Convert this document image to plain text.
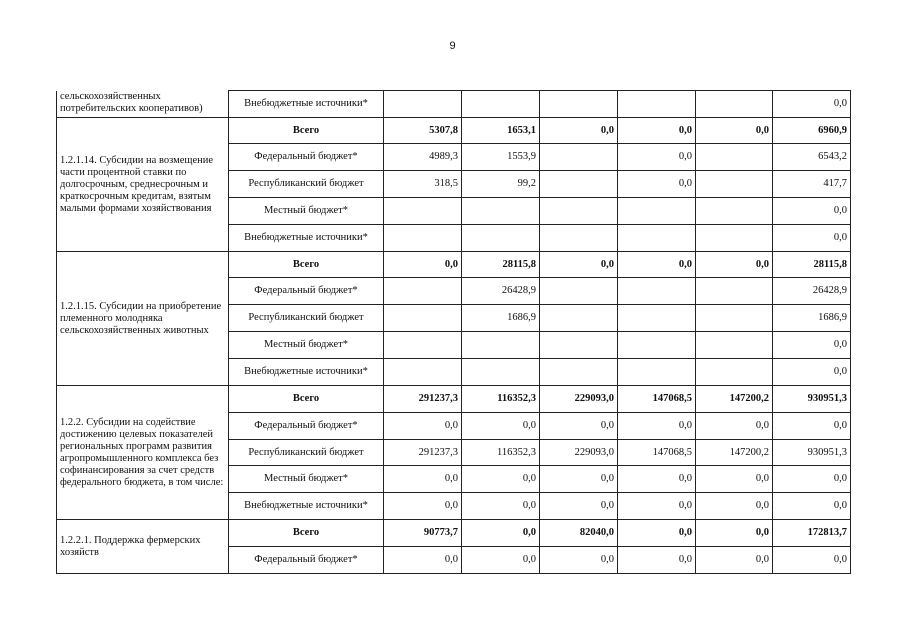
9
сельскохозяйственных потребительских кооперативов)	Внебюджетные источники*						0,0
1.2.1.14. Субсидии на возмещение части процентной ставки по долгосрочным, среднесрочным и краткосрочным кредитам, взятым малыми формами хозяйствования	Всего	5307,8	1653,1	0,0	0,0	0,0	6960,9
	Федеральный бюджет*	4989,3	1553,9		0,0		6543,2
	Республиканский бюджет	318,5	99,2		0,0		417,7
	Местный бюджет*						0,0
	Внебюджетные источники*						0,0
1.2.1.15. Субсидии на приобретение племенного молодняка сельскохозяйственных животных	Всего	0,0	28115,8	0,0	0,0	0,0	28115,8
	Федеральный бюджет*		26428,9				26428,9
	Республиканский бюджет		1686,9				1686,9
	Местный бюджет*						0,0
	Внебюджетные источники*						0,0
1.2.2. Субсидии на содействие достижению целевых показателей региональных программ развития агропромышленного комплекса без софинансирования за счет средств федерального бюджета, в том числе:	Всего	291237,3	116352,3	229093,0	147068,5	147200,2	930951,3
	Федеральный бюджет*	0,0	0,0	0,0	0,0	0,0	0,0
	Республиканский бюджет	291237,3	116352,3	229093,0	147068,5	147200,2	930951,3
	Местный бюджет*	0,0	0,0	0,0	0,0	0,0	0,0
	Внебюджетные источники*	0,0	0,0	0,0	0,0	0,0	0,0
1.2.2.1. Поддержка фермерских хозяйств	Всего	90773,7	0,0	82040,0	0,0	0,0	172813,7
	Федеральный бюджет*	0,0	0,0	0,0	0,0	0,0	0,0
